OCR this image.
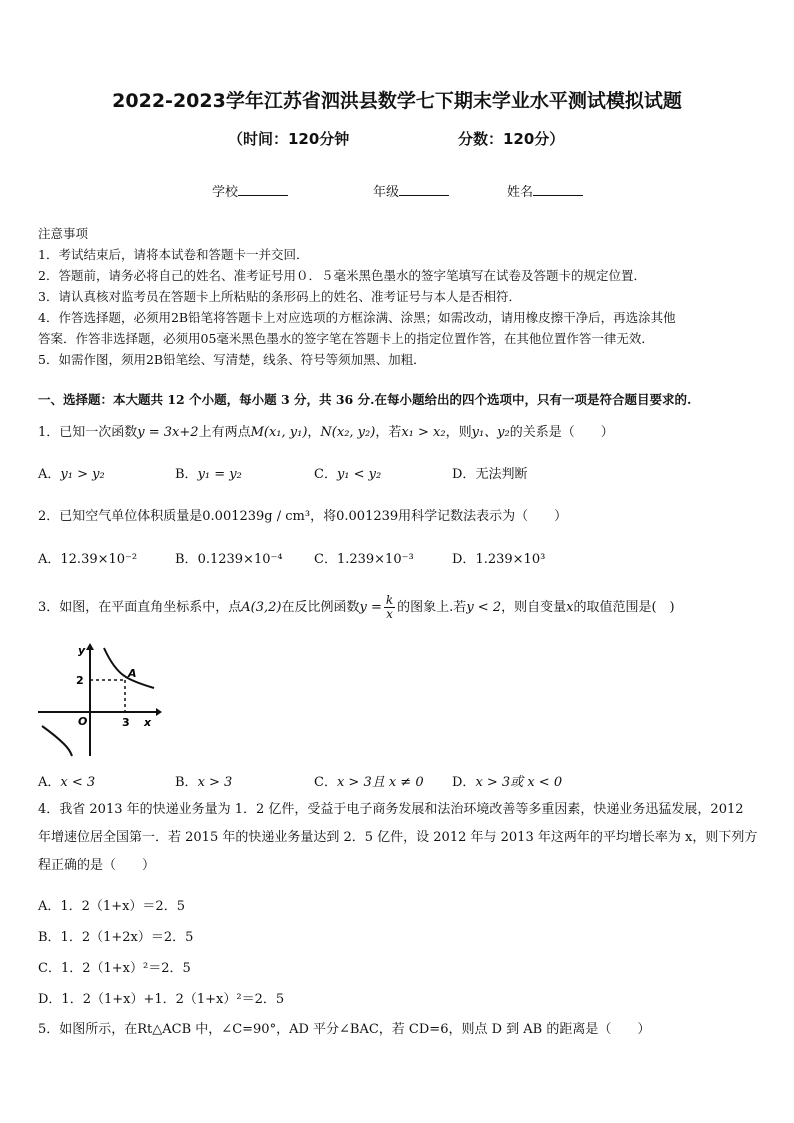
2022-2023学年江苏省泗洪县数学七下期末学业水平测试模拟试题
（时间：120分钟	分数：120分）
学校	年级	姓名
注意事项
1．考试结束后，请将本试卷和答题卡一并交回．
2．答题前，请务必将自己的姓名、准考证号用０．５毫米黑色墨水的签字笔填写在试卷及答题卡的规定位置．
3．请认真核对监考员在答题卡上所粘贴的条形码上的姓名、准考证号与本人是否相符．
4．作答选择题，必须用2B铅笔将答题卡上对应选项的方框涂满、涂黑；如需改动，请用橡皮擦干净后，再选涂其他
答案．作答非选择题，必须用05毫米黑色墨水的签字笔在答题卡上的指定位置作答，在其他位置作答一律无效．
5．如需作图，须用2B铅笔绘、写清楚，线条、符号等须加黑、加粗．
一、选择题：本大题共 12 个小题，每小题 3 分，共 36 分.在每小题给出的四个选项中，只有一项是符合题目要求的.
1．已知一次函数y = 3x+2上有两点M(x₁, y₁)，N(x₂, y₂)，若x₁ > x₂，则y₁、y₂的关系是（　　）
A．y₁ > y₂	B．y₁ = y₂	C．y₁ < y₂	D．无法判断
2．已知空气单位体积质量是0.001239g / cm³，将0.001239用科学记数法表示为（　　）
A．12.39×10⁻²	B．0.1239×10⁻⁴ C．1.239×10⁻³	D．1.239×10³
3．如图，在平面直角坐标系中，点A(3,2)在反比例函数$y = \frac{k}{x}$ 的图象上.若y < 2，则自变量x的取值范围是(　)
y
x
O
2
3
A
A．x < 3	B．x > 3	C．x > 3且 x ≠ 0 D．x > 3或 x < 0
4．我省 2013 年的快递业务量为 1．2 亿件，受益于电子商务发展和法治环境改善等多重因素，快递业务迅猛发展，2012 年增速位居全国第一．若 2015 年的快递业务量达到 2．5 亿件，设 2012 年与 2013 年这两年的平均增长率为 x，则下列方程正确的是（　　）
A．1．2（1+x）＝2．5
B．1．2（1+2x）＝2．5
C．1．2（1+x）²＝2．5
D．1．2（1+x）+1．2（1+x）²＝2．5
5．如图所示，在Rt△ACB 中，∠C=90°，AD 平分∠BAC，若 CD=6，则点 D 到 AB 的距离是（　　）
